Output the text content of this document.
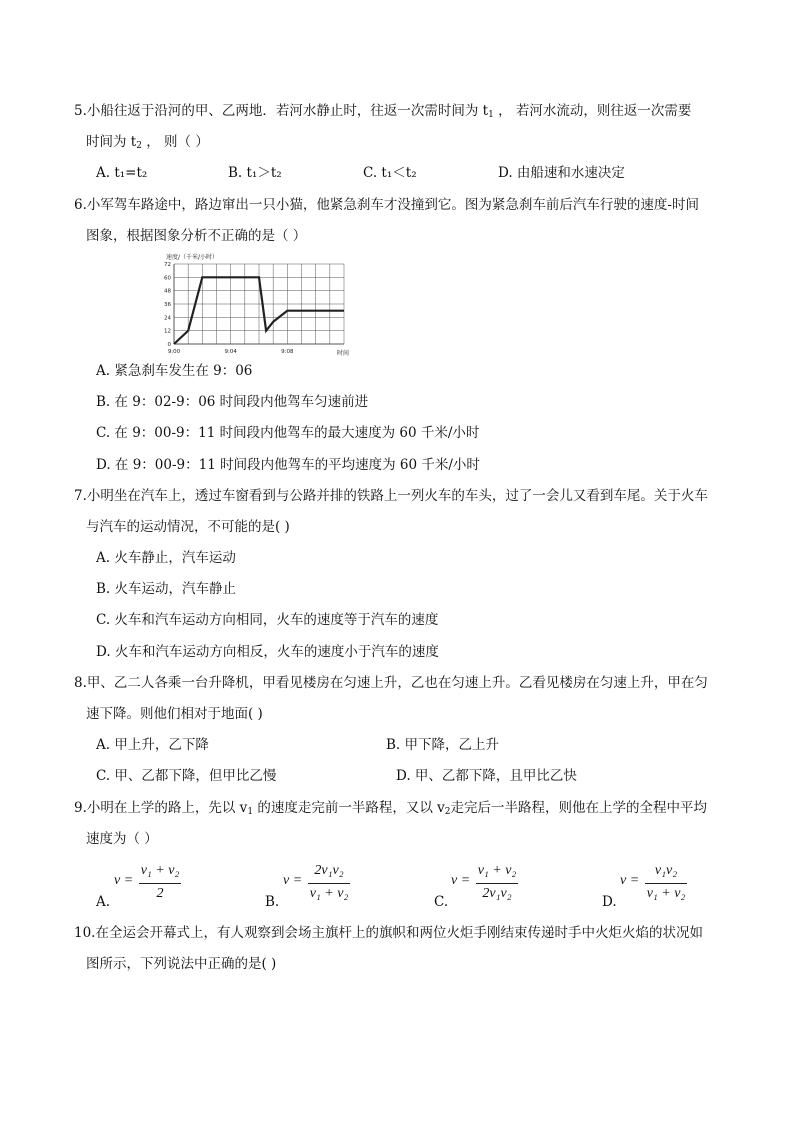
5.小船往返于沿河的甲、乙两地．若河水静止时，往返一次需时间为 $t_1$ ， 若河水流动，则往返一次需要
时间为 $t_2$ ， 则（ ）
A. t₁=t₂	B. t₁＞t₂	C. t₁＜t₂	D. 由船速和水速决定
6.小军驾车路途中，路边窜出一只小猫，他紧急刹车才没撞到它。图为紧急刹车前后汽车行驶的速度-时间
图象，根据图象分析不正确的是（ ）
0
12
24
36
48
60
72
9:00	9:04	9:08
速度/（千米/小时）
时间
A. 紧急刹车发生在 9：06
B. 在 9：02-9：06 时间段内他驾车匀速前进
C. 在 9：00-9：11 时间段内他驾车的最大速度为 60 千米/小时
D. 在 9：00-9：11 时间段内他驾车的平均速度为 60 千米/小时
7.小明坐在汽车上，透过车窗看到与公路并排的铁路上一列火车的车头，过了一会儿又看到车尾。关于火车
与汽车的运动情况，不可能的是( )
A. 火车静止，汽车运动
B. 火车运动，汽车静止
C. 火车和汽车运动方向相同，火车的速度等于汽车的速度
D. 火车和汽车运动方向相反，火车的速度小于汽车的速度
8.甲、乙二人各乘一台升降机，甲看见楼房在匀速上升，乙也在匀速上升。乙看见楼房在匀速上升，甲在匀
速下降。则他们相对于地面( )
A. 甲上升，乙下降	B. 甲下降，乙上升
C. 甲、乙都下降，但甲比乙慢	D. 甲、乙都下降，且甲比乙快
9.小明在上学的路上，先以 $v_1$ 的速度走完前一半路程，又以 $v_2$走完后一半路程，则他在上学的全程中平均
速度为（ ）
A.
v =
v₁ + v₂
2
B.
v =
2v₁v₂
v₁ + v₂
C.
v =
v₁ + v₂
2v₁v₂
D.
v =
v₁v₂
v₁ + v₂
10.在全运会开幕式上，有人观察到会场主旗杆上的旗帜和两位火炬手刚结束传递时手中火炬火焰的状况如
图所示，下列说法中正确的是( )
